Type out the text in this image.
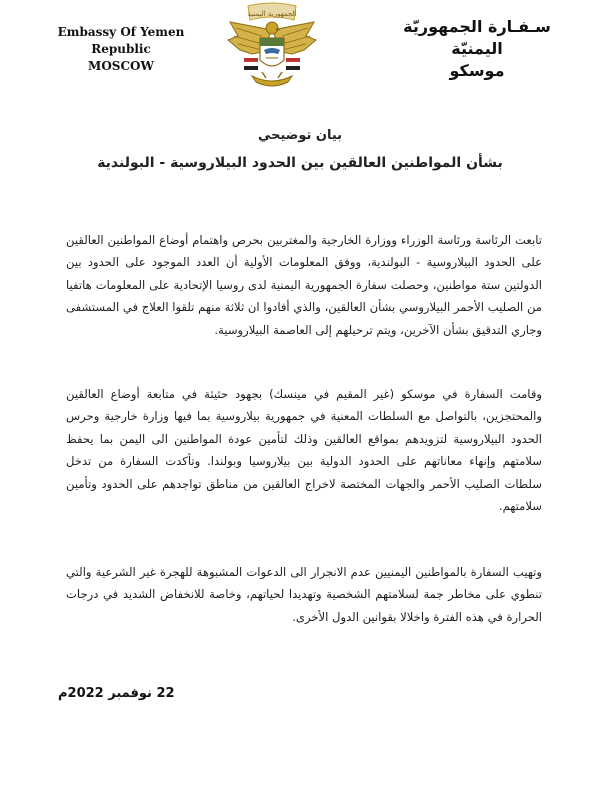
Embassy Of Yemen Republic
MOSCOW
الجمهورية اليمنية
سـفـارة الجمهوريّة اليمنيّة
موسكو

بيان توضيحي

بشأن المواطنين العالقين بين الحدود البيلاروسية - البولندية

تابعت الرئاسة ورئاسة الوزراء ووزارة الخارجية والمغتربين بحرص واهتمام أوضاع المواطنين العالقين على الحدود البيلاروسية - البولندية، ووفق المعلومات الأولية أن العدد الموجود على الحدود بين الدولتين ستة مواطنين، وحصلت سفارة الجمهورية اليمنية لدى روسيا الإتحادية على المعلومات هاتفيا من الصليب الأحمر البيلاروسي بشأن العالقين، والذي أفادوا ان ثلاثة منهم تلقوا العلاج في المستشفى وجاري التدقيق بشأن الآخرين، ويتم ترحيلهم إلى العاصمة البيلاروسية.

وقامت السفارة في موسكو (غير المقيم في مينسك) بجهود حثيثة في متابعة أوضاع العالقين والمحتجزين، بالتواصل مع السلطات المعنية في جمهورية بيلاروسية بما فيها وزارة خارجية وحرس الحدود البيلاروسية لتزويدهم بمواقع العالقين وذلك لتأمين عودة المواطنين الى اليمن بما يحفظ سلامتهم وإنهاء معاناتهم على الحدود الدولية بين بيلاروسيا وبولندا. وتأكدت السفارة من تدخل سلطات الصليب الأحمر والجهات المختصة لاخراج العالقين من مناطق تواجدهم على الحدود وتأمين سلامتهم.

وتهيب السفارة بالمواطنين اليمنيين عدم الانجرار الى الدعوات المشبوهة للهجرة غير الشرعية والتي تنطوي على مخاطر جمة لسلامتهم الشخصية وتهديدا لحياتهم، وخاصة للانخفاض الشديد في درجات الحرارة في هذه الفترة واخلالا بقوانين الدول الأخرى.

22 نوفمبر 2022م
